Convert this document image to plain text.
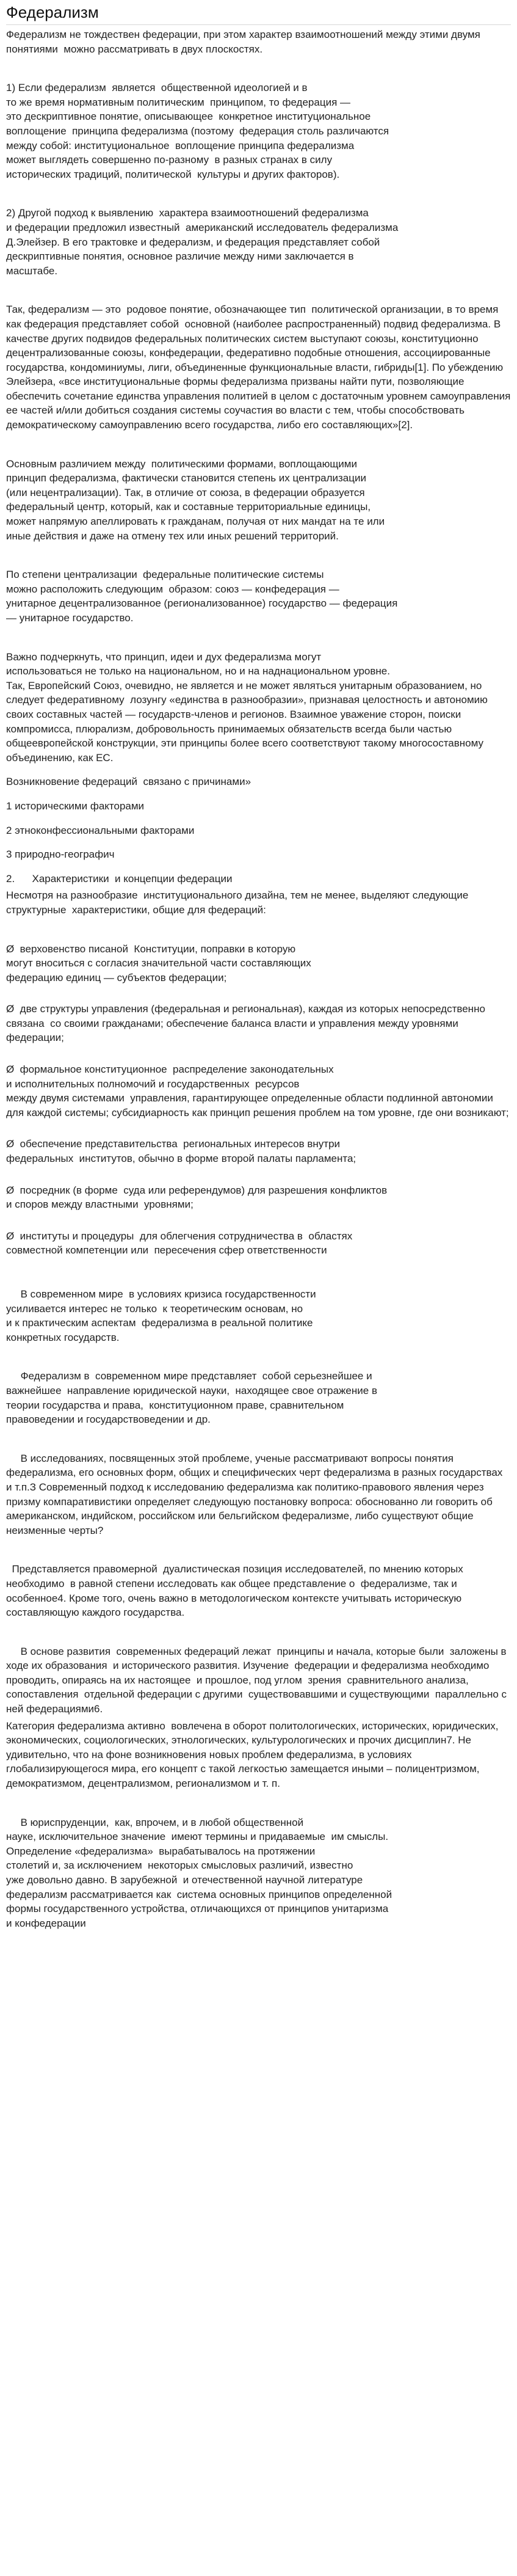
Федерализм

Федерализм не тождествен федерации, при этом характер взаимоотношений между этими двумя понятиями  можно рассматривать в двух плоскостях.

1) Если федерализм  является  общественной идеологией и в
то же время нормативным политическим  принципом, то федерация —
это дескриптивное понятие, описывающее  конкретное институциональное
воплощение  принципа федерализма (поэтому  федерация столь различаются
между собой: институциональное  воплощение принципа федерализма
может выглядеть совершенно по-разному  в разных странах в силу
исторических традиций, политической  культуры и других факторов).

2) Другой подход к выявлению  характера взаимоотношений федерализма
и федерации предложил известный  американский исследователь федерализма
Д.Элейзер. В его трактовке и федерализм, и федерация представляет собой
дескриптивные понятия, основное различие между ними заключается в
масштабе.

Так, федерализм — это  родовое понятие, обозначающее тип  политической организации, в то время  как федерация представляет собой  основной (наиболее распространенный) подвид федерализма. В качестве других подвидов федеральных политических систем выступают союзы, конституционно децентрализованные союзы, конфедерации, федеративно подобные отношения, ассоциированные государства, кондоминиумы, лиги, объединенные функциональные власти, гибриды[1]. По убеждению Элейзера, «все институциональные формы федерализма призваны найти пути, позволяющие обеспечить сочетание единства управления политией в целом с достаточным уровнем самоуправления ее частей и/или добиться создания системы соучастия во власти с тем, чтобы способствовать демократическому самоуправлению всего государства, либо его составляющих»[2].

Основным различием между  политическими формами, воплощающими
принцип федерализма, фактически становится степень их централизации
(или нецентрализации). Так, в отличие от союза, в федерации образуется
федеральный центр, который, как и составные территориальные единицы,
может напрямую апеллировать к гражданам, получая от них мандат на те или
иные действия и даже на отмену тех или иных решений территорий.

По степени централизации  федеральные политические системы
можно расположить следующим  образом: союз — конфедерация —
унитарное децентрализованное (регионализованное) государство — федерация
— унитарное государство.

Важно подчеркнуть, что принцип, идеи и дух федерализма могут
использоваться не только на национальном, но и на наднациональном уровне.
Так, Европейский Союз, очевидно, не является и не может являться унитарным образованием, но следует федеративному  лозунгу «единства в разнообразии», признавая целостность и автономию своих составных частей — государств-членов и регионов. Взаимное уважение сторон, поиски компромисса, плюрализм, добровольность принимаемых обязательств всегда были частью общеевропейской конструкции, эти принципы более всего соответствуют такому многосоставному объединению, как ЕС.

Возникновение федераций  связано с причинами»

1 историческими факторами

2 этноконфессиональными факторами

3 природно-географич

2.      Характеристики  и концепции федерации

Несмотря на разнообразие  институционального дизайна, тем не менее, выделяют следующие структурные  характеристики, общие для федераций:

Ø  верховенство писаной  Конституции, поправки в которую
могут вноситься с согласия значительной части составляющих
федерацию единиц — субъектов федерации;

Ø  две структуры управления (федеральная и региональная), каждая из которых непосредственно связана  со своими гражданами; обеспечение баланса власти и управления между уровнями федерации;

Ø  формальное конституционное  распределение законодательных
и исполнительных полномочий и государственных  ресурсов
между двумя системами  управления, гарантирующее определенные области подлинной автономии  для каждой системы; субсидиарность как принцип решения проблем на том уровне, где они возникают;

Ø  обеспечение представительства  региональных интересов внутри
федеральных  институтов, обычно в форме второй палаты парламента;

Ø  посредник (в форме  суда или референдумов) для разрешения конфликтов
и споров между властными  уровнями;

Ø  институты и процедуры  для облегчения сотрудничества в  областях
совместной компетенции или  пересечения сфер ответственности

В современном мире  в условиях кризиса государственности
усиливается интерес не только  к теоретическим основам, но
и к практическим аспектам  федерализма в реальной политике
конкретных государств.

Федерализм в  современном мире представляет  собой серьезнейшее и
важнейшее  направление юридической науки,  находящее свое отражение в
теории государства и права,  конституционном праве, сравнительном
правоведении и государствоведении и др.

В исследованиях, посвященных этой проблеме, ученые рассматривают вопросы понятия федерализма, его основных форм, общих и специфических черт федерализма в разных государствах и т.п.З Современный подход к исследованию федерализма как политико-правового явления через призму компаративистики определяет следующую постановку вопроса: обоснованно ли говорить об американском, индийском, российском или бельгийском федерализме, либо существуют общие неизменные черты?

Представляется правомерной  дуалистическая позиция исследователей, по мнению которых необходимо  в равной степени исследовать как общее представление о  федерализме, так и особенное4. Кроме того, очень важно в методологическом контексте учитывать историческую составляющую каждого государства.

В основе развития  современных федераций лежат  принципы и начала, которые были  заложены в ходе их образования  и исторического развития. Изучение  федерации и федерализма необходимо  проводить, опираясь на их настоящее  и прошлое, под углом  зрения  сравнительного анализа, сопоставления  отдельной федерации с другими  существовавшими и существующими  параллельно с ней федерациями6.

Категория федерализма активно  вовлечена в оборот политологических, исторических, юридических, экономических, социологических, этнологических, культурологических и прочих дисциплин7. Не удивительно, что на фоне возникновения новых проблем федерализма, в условиях глобализирующегося мира, его концепт с такой легкостью замещается иными – полицентризмом, демократизмом, децентрализмом, регионализмом и т. п.

В юриспруденции,  как, впрочем, и в любой общественной
науке, исключительное значение  имеют термины и придаваемые  им смыслы.
Определение «федерализма»  вырабатывалось на протяжении
столетий и, за исключением  некоторых смысловых различий, известно
уже довольно давно. В зарубежной  и отечественной научной литературе
федерализм рассматривается как  система основных принципов определенной
формы государственного устройства, отличающихся от принципов унитаризма
и конфедерации
